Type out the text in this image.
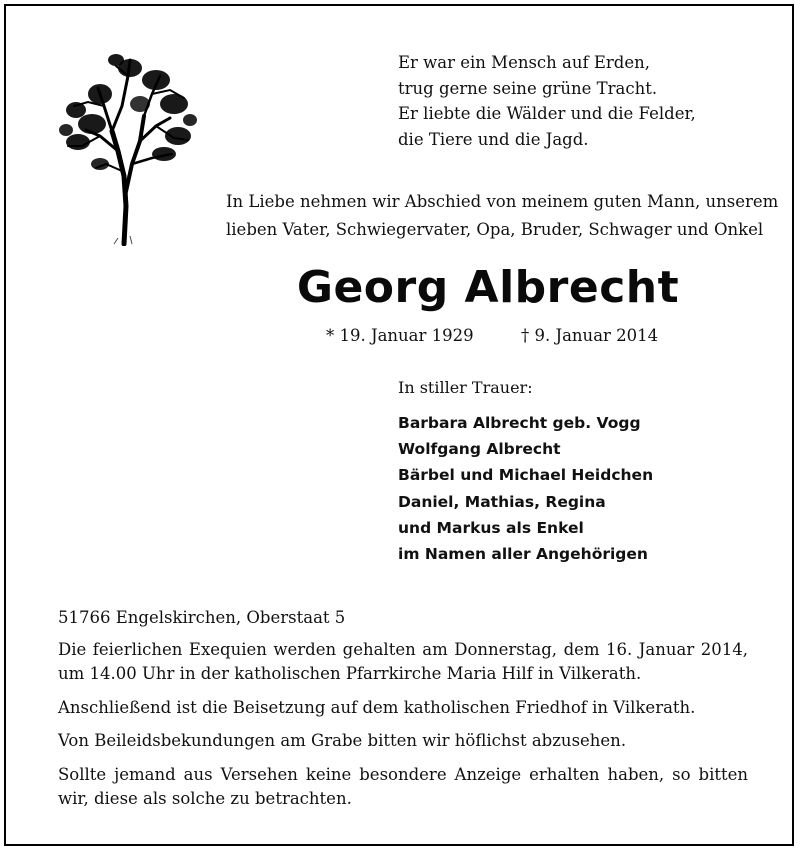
Er war ein Mensch auf Erden,
trug gerne seine grüne Tracht.
Er liebte die Wälder und die Felder,
die Tiere und die Jagd.
In Liebe nehmen wir Abschied von meinem guten Mann, unserem
lieben Vater, Schwiegervater, Opa, Bruder, Schwager und Onkel
Georg Albrecht
* 19. Januar 1929	† 9. Januar 2014
In stiller Trauer:
Barbara Albrecht geb. Vogg
Wolfgang Albrecht
Bärbel und Michael Heidchen
Daniel, Mathias, Regina
und Markus als Enkel
im Namen aller Angehörigen

51766 Engelskirchen, Oberstaat 5

Die feierlichen Exequien werden gehalten am Donnerstag, dem 16. Januar 2014, um 14.00 Uhr in der katholischen Pfarrkirche Maria Hilf in Vilkerath.

Anschließend ist die Beisetzung auf dem katholischen Friedhof in Vilkerath.

Von Beileidsbekundungen am Grabe bitten wir höflichst abzusehen.

Sollte jemand aus Versehen keine besondere Anzeige erhalten haben, so bitten wir, diese als solche zu betrachten.
